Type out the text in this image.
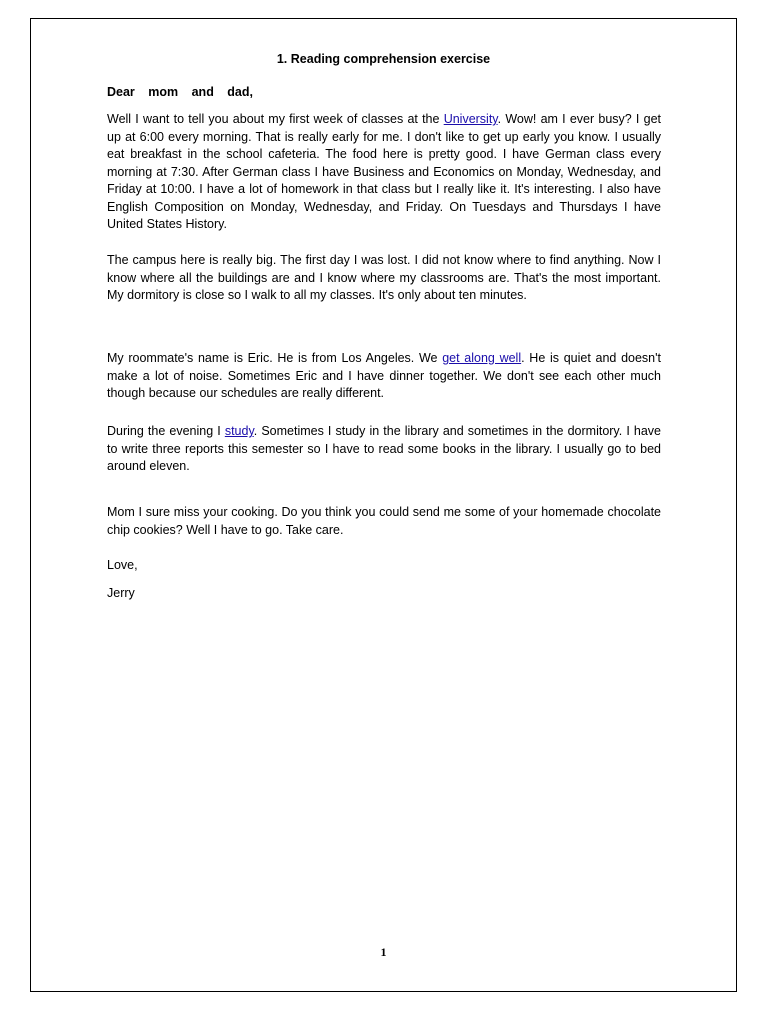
1. Reading comprehension exercise
Dear mom and dad,
Well I want to tell you about my first week of classes at the University. Wow! am I ever busy? I get up at 6:00 every morning. That is really early for me. I don't like to get up early you know. I usually eat breakfast in the school cafeteria. The food here is pretty good. I have German class every morning at 7:30. After German class I have Business and Economics on Monday, Wednesday, and Friday at 10:00. I have a lot of homework in that class but I really like it. It's interesting. I also have English Composition on Monday, Wednesday, and Friday. On Tuesdays and Thursdays I have United States History.
The campus here is really big. The first day I was lost. I did not know where to find anything. Now I know where all the buildings are and I know where my classrooms are. That's the most important. My dormitory is close so I walk to all my classes. It's only about ten minutes.
My roommate's name is Eric. He is from Los Angeles. We get along well. He is quiet and doesn't make a lot of noise. Sometimes Eric and I have dinner together. We don't see each other much though because our schedules are really different.
During the evening I study. Sometimes I study in the library and sometimes in the dormitory. I have to write three reports this semester so I have to read some books in the library. I usually go to bed around eleven.
Mom I sure miss your cooking. Do you think you could send me some of your homemade chocolate chip cookies? Well I have to go. Take care.
Love,
Jerry
1
